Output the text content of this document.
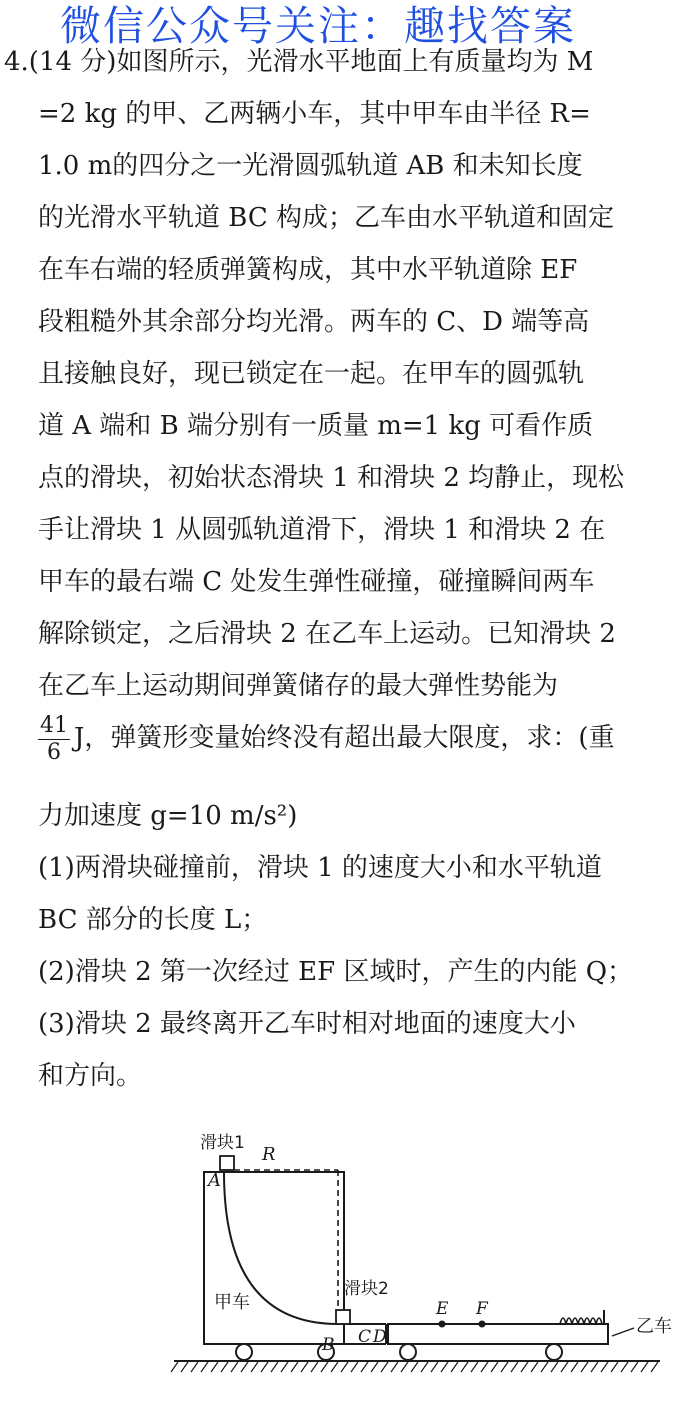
微信公众号关注：趣找答案
4.(14 分)如图所示，光滑水平地面上有质量均为 M
=2 kg 的甲、乙两辆小车，其中甲车由半径 R=
1.0 m的四分之一光滑圆弧轨道 AB 和未知长度
的光滑水平轨道 BC 构成；乙车由水平轨道和固定
在车右端的轻质弹簧构成，其中水平轨道除 EF
段粗糙外其余部分均光滑。两车的 C、D 端等高
且接触良好，现已锁定在一起。在甲车的圆弧轨
道 A 端和 B 端分别有一质量 m=1 kg 可看作质
点的滑块，初始状态滑块 1 和滑块 2 均静止，现松
手让滑块 1 从圆弧轨道滑下，滑块 1 和滑块 2 在
甲车的最右端 C 处发生弹性碰撞，碰撞瞬间两车
解除锁定，之后滑块 2 在乙车上运动。已知滑块 2
在乙车上运动期间弹簧储存的最大弹性势能为
$\frac{41}{6}$ J，弹簧形变量始终没有超出最大限度，求：(重
力加速度 g=10 m/s²)
(1)两滑块碰撞前，滑块 1 的速度大小和水平轨道
BC 部分的长度 L；
(2)滑块 2 第一次经过 EF 区域时，产生的内能 Q；
(3)滑块 2 最终离开乙车时相对地面的速度大小
和方向。
滑块1
R
A
滑块2
甲车
B C D
E F
乙车
